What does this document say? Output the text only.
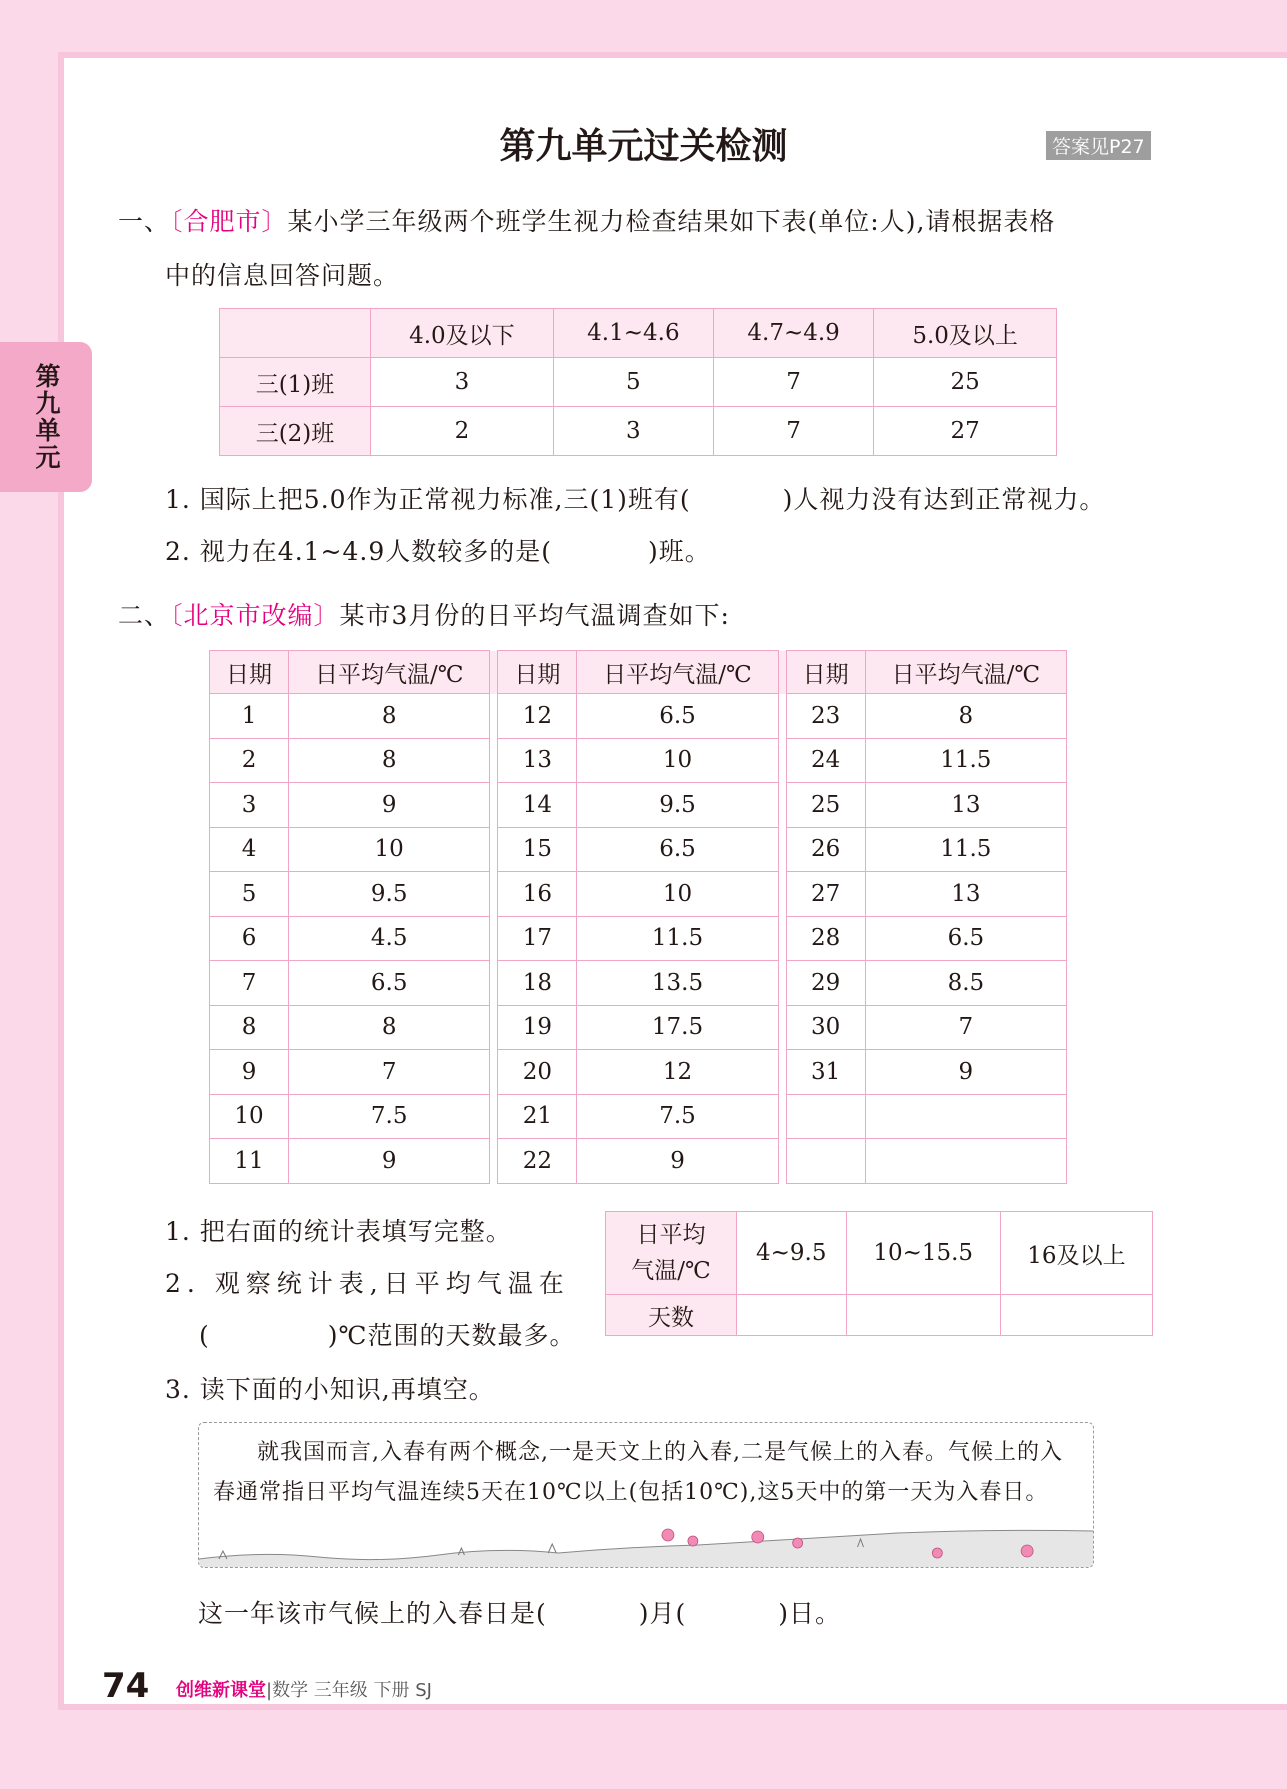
第九单元
第九单元过关检测	答案见P27
一、〔合肥市〕某小学三年级两个班学生视力检查结果如下表(单位:人),请根据表格
中的信息回答问题。
	4.0及以下	4.1~4.6	4.7~4.9	5.0及以上
三(1)班	3	5	7	25
三(2)班	2	3	7	27
1. 国际上把5.0作为正常视力标准,三(1)班有(	)人视力没有达到正常视力。
2. 视力在4.1~4.9人数较多的是(	)班。
二、〔北京市改编〕某市3月份的日平均气温调查如下:
日期	日平均气温/℃		日期	日平均气温/℃		日期	日平均气温/℃
1	8		12	6.5		23	8
2	8		13	10		24	11.5
3	9		14	9.5		25	13
4	10		15	6.5		26	11.5
5	9.5		16	10		27	13
6	4.5		17	11.5		28	6.5
7	6.5		18	13.5		29	8.5
8	8		19	17.5		30	7
9	7		20	12		31	9
10	7.5		21	7.5			
11	9		22	9			
1. 把右面的统计表填写完整。
2. 观察统计表,日平均气温在
(	)℃范围的天数最多。
3. 读下面的小知识,再填空。
日平均
气温/℃	4~9.5	10~15.5	16及以上
天数			
就我国而言,入春有两个概念,一是天文上的入春,二是气候上的入春。气候上的入春通常指日平均气温连续5天在10℃以上(包括10℃),这5天中的第一天为入春日。
这一年该市气候上的入春日是(	)月(	)日。
74 创维新课堂|数学 三年级 下册 SJ
